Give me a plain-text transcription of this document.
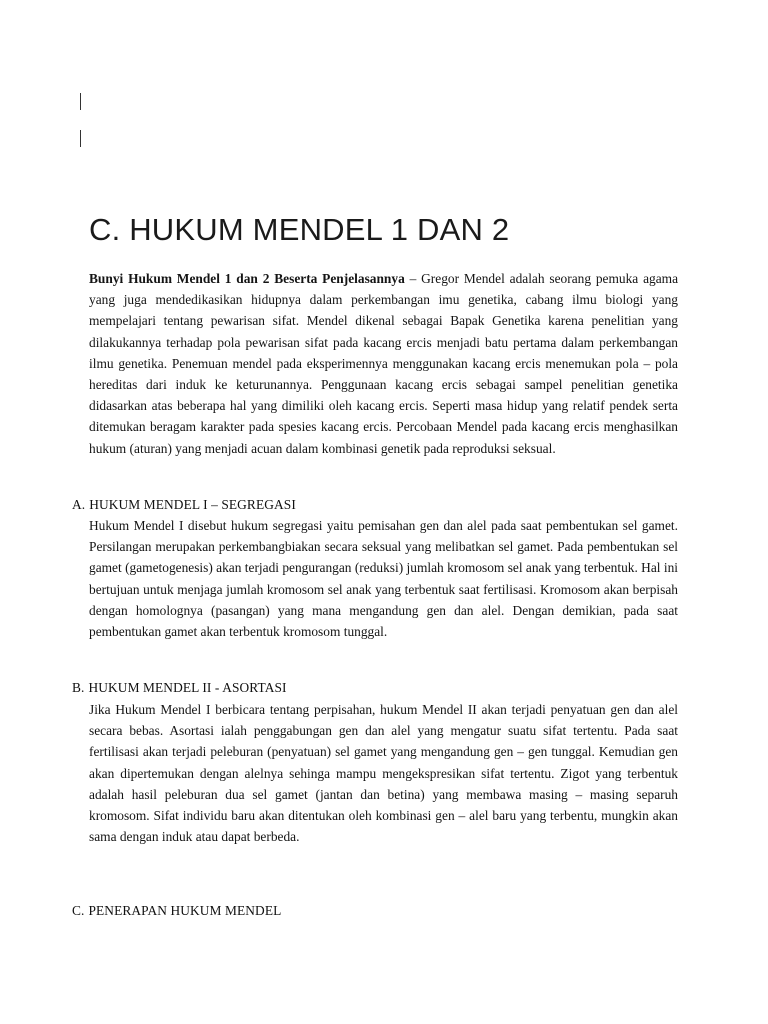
C. HUKUM MENDEL 1 DAN 2

Bunyi Hukum Mendel 1 dan 2 Beserta Penjelasannya – Gregor Mendel adalah seorang pemuka agama yang juga mendedikasikan hidupnya dalam perkembangan imu genetika, cabang ilmu biologi yang mempelajari tentang pewarisan sifat. Mendel dikenal sebagai Bapak Genetika karena penelitian yang dilakukannya terhadap pola pewarisan sifat pada kacang ercis menjadi batu pertama dalam perkembangan ilmu genetika. Penemuan mendel pada eksperimennya menggunakan kacang ercis menemukan pola – pola hereditas dari induk ke keturunannya. Penggunaan kacang ercis sebagai sampel penelitian genetika didasarkan atas beberapa hal yang dimiliki oleh kacang ercis. Seperti masa hidup yang relatif pendek serta ditemukan beragam karakter pada spesies kacang ercis. Percobaan Mendel pada kacang ercis menghasilkan hukum (aturan) yang menjadi acuan dalam kombinasi genetik pada reproduksi seksual.

A. HUKUM MENDEL I – SEGREGASI

Hukum Mendel I disebut hukum segregasi yaitu pemisahan gen dan alel pada saat pembentukan sel gamet. Persilangan merupakan perkembangbiakan secara seksual yang melibatkan sel gamet. Pada pembentukan sel gamet (gametogenesis) akan terjadi pengurangan (reduksi) jumlah kromosom sel anak yang terbentuk. Hal ini bertujuan untuk menjaga jumlah kromosom sel anak yang terbentuk saat fertilisasi. Kromosom akan berpisah dengan homolognya (pasangan) yang mana mengandung gen dan alel. Dengan demikian, pada saat pembentukan gamet akan terbentuk kromosom tunggal.

B. HUKUM MENDEL II - ASORTASI

Jika Hukum Mendel I berbicara tentang perpisahan, hukum Mendel II akan terjadi penyatuan gen dan alel secara bebas. Asortasi ialah penggabungan gen dan alel yang mengatur suatu sifat tertentu. Pada saat fertilisasi akan terjadi peleburan (penyatuan) sel gamet yang mengandung gen – gen tunggal. Kemudian gen akan dipertemukan dengan alelnya sehinga mampu mengekspresikan sifat tertentu. Zigot yang terbentuk adalah hasil peleburan dua sel gamet (jantan dan betina) yang membawa masing – masing separuh kromosom. Sifat individu baru akan ditentukan oleh kombinasi gen – alel baru yang terbentu, mungkin akan sama dengan induk atau dapat berbeda.

C. PENERAPAN HUKUM MENDEL
